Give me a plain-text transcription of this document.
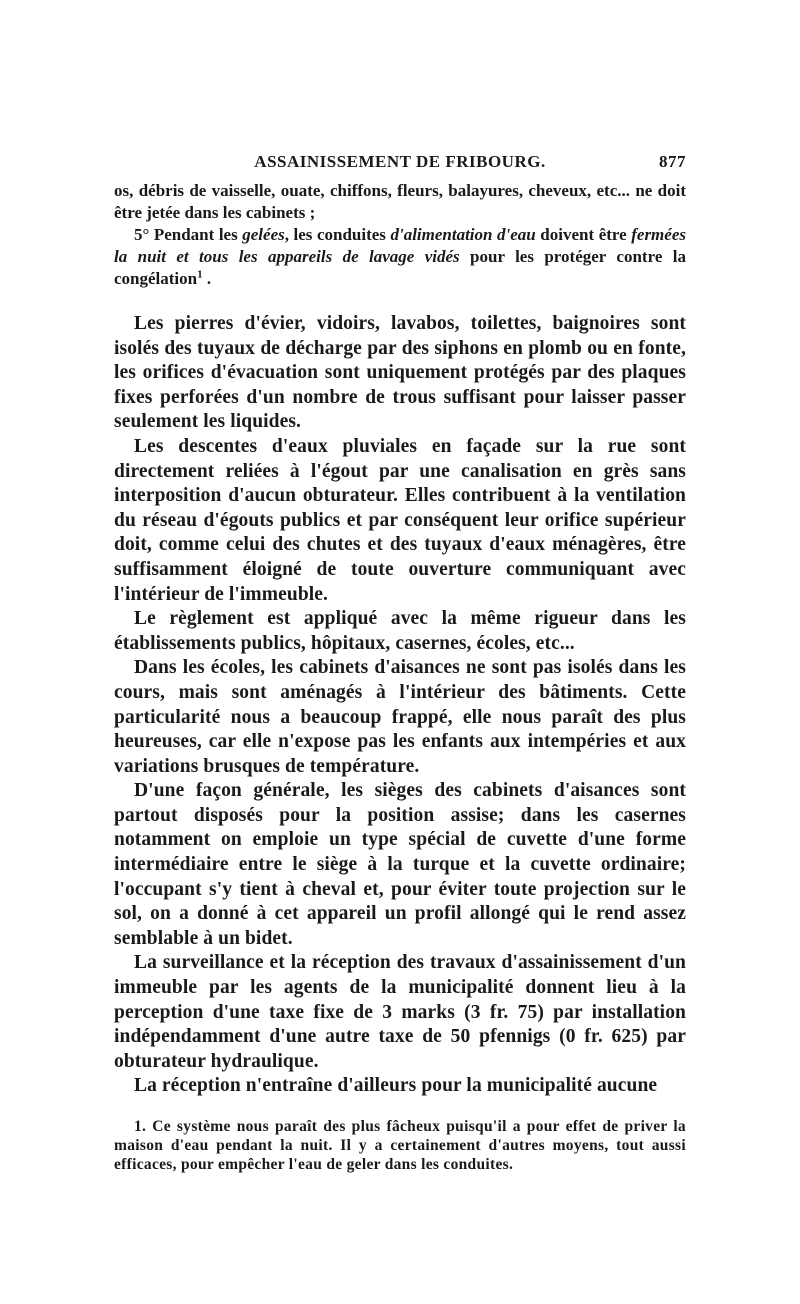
ASSAINISSEMENT DE FRIBOURG.	877

os, débris de vaisselle, ouate, chiffons, fleurs, balayures, cheveux, etc... ne doit être jetée dans les cabinets ;

5° Pendant les gelées, les conduites d'alimentation d'eau doivent être fermées la nuit et tous les appareils de lavage vidés pour les protéger contre la congélation$^1$ .

Les pierres d'évier, vidoirs, lavabos, toilettes, baignoires sont isolés des tuyaux de décharge par des siphons en plomb ou en fonte, les orifices d'évacuation sont uniquement protégés par des plaques fixes perforées d'un nombre de trous suffisant pour laisser passer seulement les liquides.

Les descentes d'eaux pluviales en façade sur la rue sont directement reliées à l'égout par une canalisation en grès sans interposition d'aucun obturateur. Elles contribuent à la ventilation du réseau d'égouts publics et par conséquent leur orifice supérieur doit, comme celui des chutes et des tuyaux d'eaux ménagères, être suffisamment éloigné de toute ouverture communiquant avec l'intérieur de l'immeuble.

Le règlement est appliqué avec la même rigueur dans les établissements publics, hôpitaux, casernes, écoles, etc...

Dans les écoles, les cabinets d'aisances ne sont pas isolés dans les cours, mais sont aménagés à l'intérieur des bâtiments. Cette particularité nous a beaucoup frappé, elle nous paraît des plus heureuses, car elle n'expose pas les enfants aux intempéries et aux variations brusques de température.

D'une façon générale, les sièges des cabinets d'aisances sont partout disposés pour la position assise; dans les casernes notamment on emploie un type spécial de cuvette d'une forme intermédiaire entre le siège à la turque et la cuvette ordinaire; l'occupant s'y tient à cheval et, pour éviter toute projection sur le sol, on a donné à cet appareil un profil allongé qui le rend assez semblable à un bidet.

La surveillance et la réception des travaux d'assainissement d'un immeuble par les agents de la municipalité donnent lieu à la perception d'une taxe fixe de 3 marks (3 fr. 75) par installation indépendamment d'une autre taxe de 50 pfennigs (0 fr. 625) par obturateur hydraulique.

La réception n'entraîne d'ailleurs pour la municipalité aucune

1. Ce système nous paraît des plus fâcheux puisqu'il a pour effet de priver la maison d'eau pendant la nuit. Il y a certainement d'autres moyens, tout aussi efficaces, pour empêcher l'eau de geler dans les conduites.
